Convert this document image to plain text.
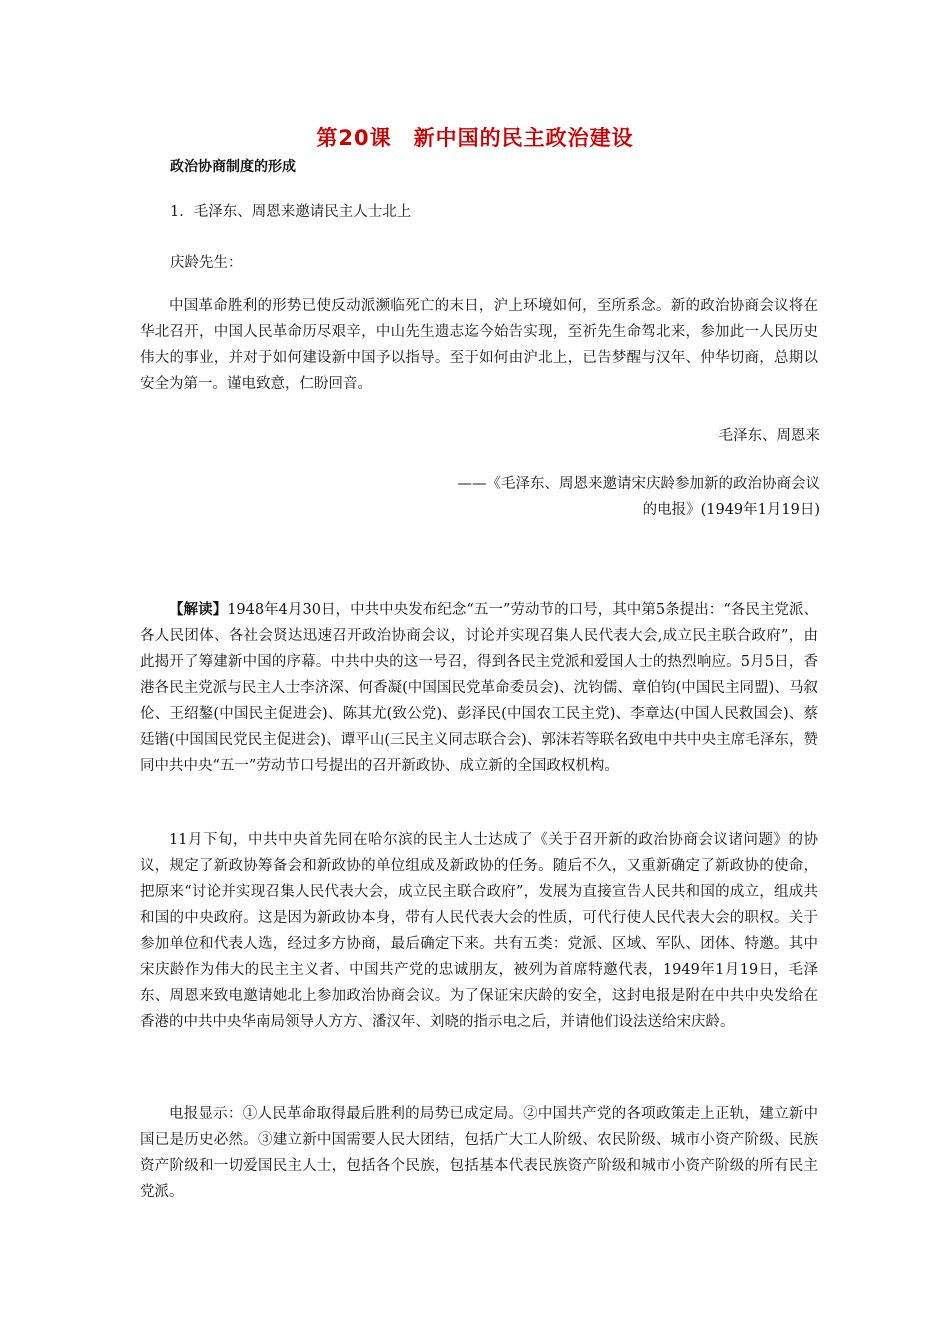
第20课　新中国的民主政治建设
政治协商制度的形成
1．毛泽东、周恩来邀请民主人士北上
庆龄先生：
中国革命胜利的形势已使反动派濒临死亡的末日，沪上环境如何，至所系念。新的政治协商会议将在华北召开，中国人民革命历尽艰辛，中山先生遗志迄今始告实现，至祈先生命驾北来，参加此一人民历史伟大的事业，并对于如何建设新中国予以指导。至于如何由沪北上，已告梦醒与汉年、仲华切商，总期以安全为第一。谨电致意，仁盼回音。
毛泽东、周恩来
——《毛泽东、周恩来邀请宋庆龄参加新的政治协商会议
的电报》(1949年1月19日)
【解读】1948年4月30日，中共中央发布纪念“五一”劳动节的口号，其中第5条提出：“各民主党派、各人民团体、各社会贤达迅速召开政治协商会议，讨论并实现召集人民代表大会,成立民主联合政府”，由此揭开了筹建新中国的序幕。中共中央的这一号召，得到各民主党派和爱国人士的热烈响应。5月5日，香港各民主党派与民主人士李济深、何香凝(中国国民党革命委员会)、沈钧儒、章伯钧(中国民主同盟)、马叙伦、王绍鏊(中国民主促进会)、陈其尤(致公党)、彭泽民(中国农工民主党)、李章达(中国人民救国会)、蔡廷锴(中国国民党民主促进会)、谭平山(三民主义同志联合会)、郭沫若等联名致电中共中央主席毛泽东，赞同中共中央“五一”劳动节口号提出的召开新政协、成立新的全国政权机构。
11月下旬，中共中央首先同在哈尔滨的民主人士达成了《关于召开新的政治协商会议诸问题》的协议，规定了新政协筹备会和新政协的单位组成及新政协的任务。随后不久，又重新确定了新政协的使命，把原来“讨论并实现召集人民代表大会，成立民主联合政府”，发展为直接宣告人民共和国的成立，组成共和国的中央政府。这是因为新政协本身，带有人民代表大会的性质，可代行使人民代表大会的职权。关于参加单位和代表人选，经过多方协商，最后确定下来。共有五类：党派、区域、军队、团体、特邀。其中宋庆龄作为伟大的民主主义者、中国共产党的忠诚朋友，被列为首席特邀代表，1949年1月19日，毛泽东、周恩来致电邀请她北上参加政治协商会议。为了保证宋庆龄的安全，这封电报是附在中共中央发给在香港的中共中央华南局领导人方方、潘汉年、刘晓的指示电之后，并请他们设法送给宋庆龄。
电报显示：①人民革命取得最后胜利的局势已成定局。②中国共产党的各项政策走上正轨，建立新中国已是历史必然。③建立新中国需要人民大团结，包括广大工人阶级、农民阶级、城市小资产阶级、民族资产阶级和一切爱国民主人士，包括各个民族，包括基本代表民族资产阶级和城市小资产阶级的所有民主党派。
